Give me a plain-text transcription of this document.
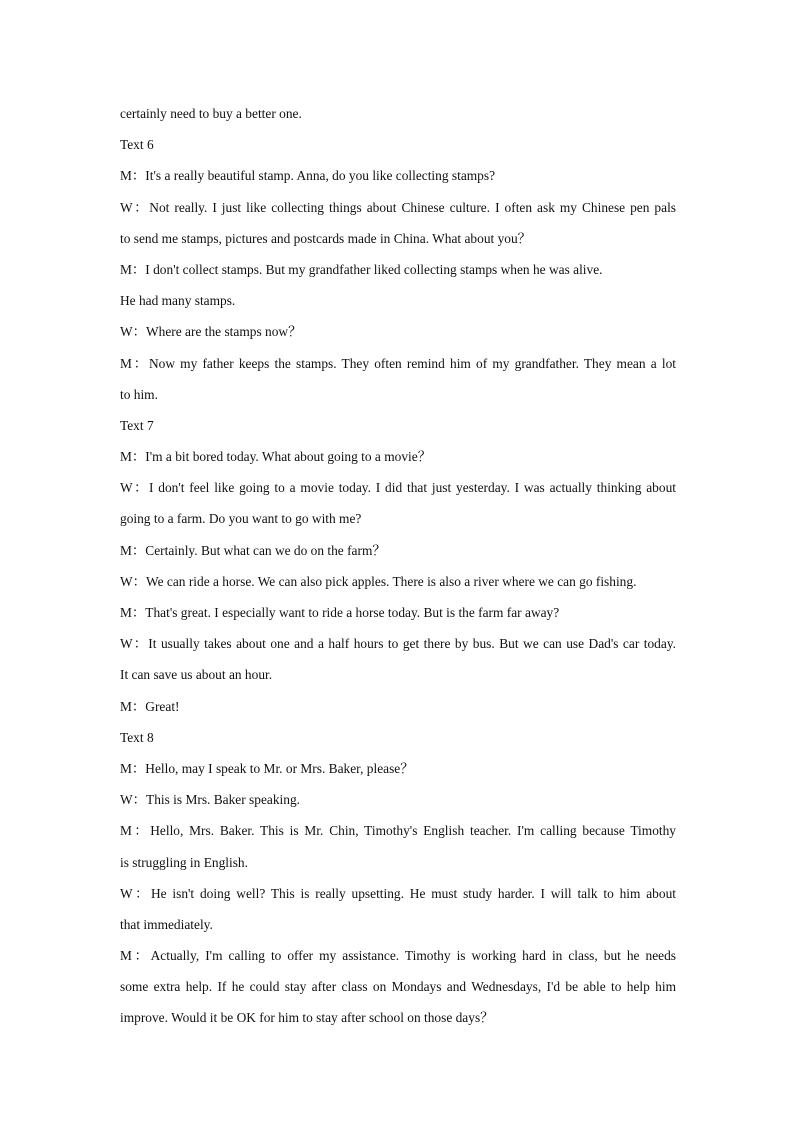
certainly need to buy a better one.
Text 6
M：It's a really beautiful stamp. Anna, do you like collecting stamps?
W：Not really. I just like collecting things about Chinese culture. I often ask my Chinese pen pals
to send me stamps, pictures and postcards made in China. What about you？
M：I don't collect stamps. But my grandfather liked collecting stamps when he was alive.
He had many stamps.
W：Where are the stamps now？
M：Now my father keeps the stamps. They often remind him of my grandfather. They mean a lot
to him.
Text 7
M：I'm a bit bored today. What about going to a movie？
W：I don't feel like going to a movie today. I did that just yesterday. I was actually thinking about
going to a farm. Do you want to go with me?
M：Certainly. But what can we do on the farm？
W：We can ride a horse. We can also pick apples. There is also a river where we can go fishing.
M：That's great. I especially want to ride a horse today. But is the farm far away?
W：It usually takes about one and a half hours to get there by bus. But we can use Dad's car today.
It can save us about an hour.
M：Great!
Text 8
M：Hello, may I speak to Mr. or Mrs. Baker, please？
W：This is Mrs. Baker speaking.
M：Hello, Mrs. Baker. This is Mr. Chin, Timothy's English teacher. I'm calling because Timothy
is struggling in English.
W：He isn't doing well? This is really upsetting. He must study harder. I will talk to him about
that immediately.
M：Actually, I'm calling to offer my assistance. Timothy is working hard in class, but he needs
some extra help. If he could stay after class on Mondays and Wednesdays, I'd be able to help him
improve. Would it be OK for him to stay after school on those days？
